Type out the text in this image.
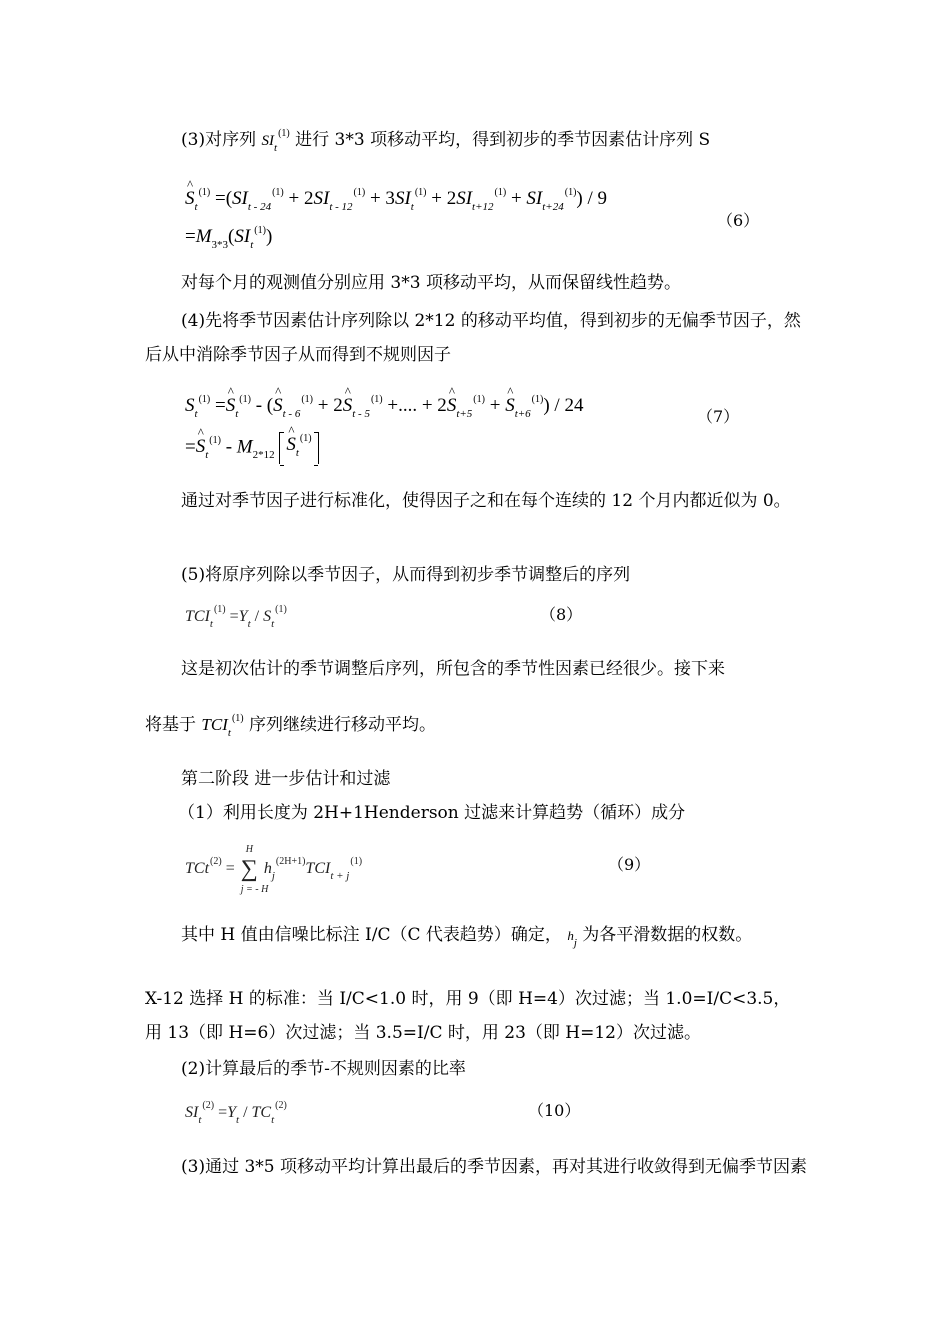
(3)对序列 $SI_t^{(1)}$ 进行 3*3 项移动平均，得到初步的季节因素估计序列 S
^ $S_t^{(1)} =(SI_{t - 24}^{(1)} + 2SI_{t - 12}^{(1)} + 3SI_t^{(1)} + 2SI_{t+12}^{(1)} + SI_{t+24}^{(1)}) / 9$
$=M_{3*3}(SI_t^{(1)})$
（6）
对每个月的观测值分别应用 3*3 项移动平均，从而保留线性趋势。
(4)先将季节因素估计序列除以 2*12 的移动平均值，得到初步的无偏季节因子，然后从中消除季节因子从而得到不规则因子
$S_t^{(1)}$ =^ $S_t^{(1)}$ - (^ $S_{t - 6}^{(1)}$ + 2^ $S_{t - 5}^{(1)}$ +.... + 2^ $S_{t+5}^{(1)}$ + ^ $S_{t+6}^{(1)}) / 24$
=^ $S_t^{(1)} - M_{2*12}$ ^ $S_t^{(1)}$
（7）
通过对季节因子进行标准化，使得因子之和在每个连续的 12 个月内都近似为 0。
(5)将原序列除以季节因子，从而得到初步季节调整后的序列
$TCI_t^{(1)} =Y_t / S_t^{(1)}$	（8）
这是初次估计的季节调整后序列，所包含的季节性因素已经很少。接下来
将基于 $TCI_t^{(1)}$ 序列继续进行移动平均。
第二阶段 进一步估计和过滤
（1）利用长度为 2H+1Henderson 过滤来计算趋势（循环）成分
TCt$^{(2)}$ = ∑
H
j = - H
$h_j^{(2H+1)}TCI_{t + j}^{(1)}$	（9）
其中 H 值由信噪比标注 I/C（C 代表趋势）确定， $h_j$ 为各平滑数据的权数。
X-12 选择 H 的标准：当 I/C<1.0 时，用 9（即 H=4）次过滤；当 1.0=I/C<3.5，
用 13（即 H=6）次过滤；当 3.5=I/C 时，用 23（即 H=12）次过滤。
(2)计算最后的季节-不规则因素的比率
$SI_t^{(2)} =Y_t / TC_t^{(2)}$	（10）
(3)通过 3*5 项移动平均计算出最后的季节因素，再对其进行收敛得到无偏季节因素
